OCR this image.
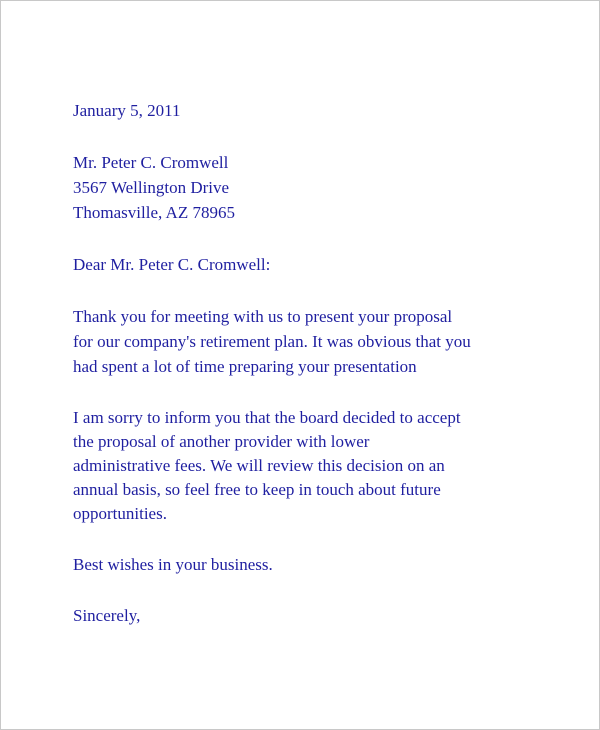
January 5, 2011
Mr. Peter C. Cromwell
3567 Wellington Drive
Thomasville, AZ 78965
Dear Mr. Peter C. Cromwell:
Thank you for meeting with us to present your proposal
for our company's retirement plan. It was obvious that you
had spent a lot of time preparing your presentation
I am sorry to inform you that the board decided to accept
the proposal of another provider with lower
administrative fees. We will review this decision on an
annual basis, so feel free to keep in touch about future
opportunities.
Best wishes in your business.
Sincerely,
